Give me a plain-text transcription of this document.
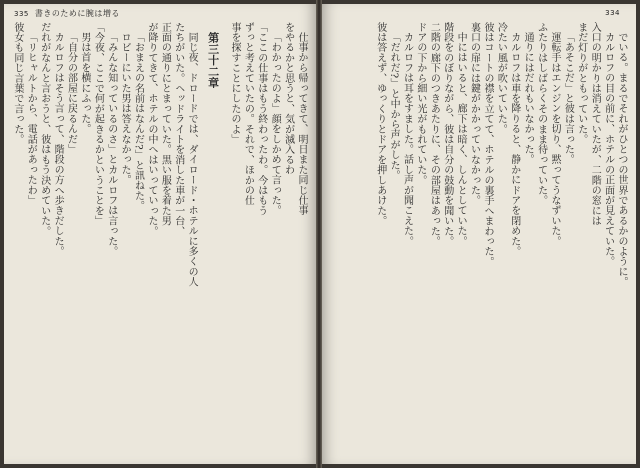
335 書きのために腕は増る
仕事から帰ってきて、明日また同じ仕事
をやるかと思うと、気が滅入るわ
「わかったのよ」顔をしかめて言った。
「ここの仕事はもう終わったわ。今はもう
ずっと考えていたの。それで、ほかの仕
事を探すことにしたのよ」
第三十二章
同じ夜、ドロードでは、ダイロード・ホテルに多くの人
たちがいた。ヘッドライトを消した車が一台、
正面の通りにとまっていた。黒い服を着た男
が降りてきて、ホテルの中へはいっていった。
「おまえの名前はなんだ?」と訊ねた。
ロビーにいた男は答えなかった。
「みんな知っているのさ」とカルロフは言った。
「今夜、ここで何が起きるかということを」
男は首を横にふった。
「自分の部屋に戻るんだ」
カルロフはそう言って、階段の方へ歩きだした。
だれがなんと言おうと、彼はもう決めていた。
「リヒャルトから、電話があったわ」
彼女も同じ言葉で言った。
334
でいる。まるでそれがひとつの世界であるかのように。
カルロフの目の前に、ホテルの正面が見えていた。
入口の明かりは消えていたが、二階の窓には
まだ灯りがともっていた。
「あそこだ」と彼は言った。
運転手はエンジンを切り、黙ってうなずいた。
ふたりはしばらくそのまま待っていた。
通りにはだれもいなかった。
カルロフは車を降りると、静かにドアを閉めた。
冷たい風が吹いていた。
彼はコートの襟を立てて、ホテルの裏手へまわった。
裏口の扉には鍵がかかっていなかった。
中にはいると、廊下は暗く、しんとしていた。
階段をのぼりながら、彼は自分の鼓動を聞いた。
二階の廊下のつきあたりに、その部屋はあった。
ドアの下から細い光がもれていた。
カルロフは耳をすました。話し声が聞こえた。
「だれだ?」と中から声がした。
彼は答えず、ゆっくりとドアを押しあけた。
